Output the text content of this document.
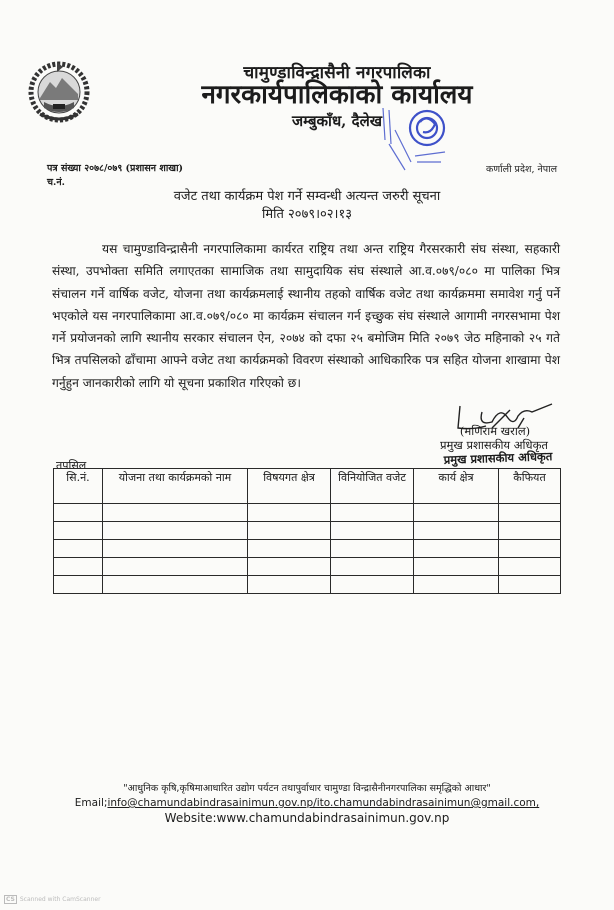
चामुण्डाविन्द्रासैनी नगरपालिका
नगरकार्यपालिकाको कार्यालय
जम्बुकाँध, दैलेख
पत्र संख्या २०७८/०७९ (प्रशासन शाखा)
च.नं.
कर्णाली प्रदेश, नेपाल
वजेट तथा कार्यक्रम पेश गर्ने सम्वन्धी अत्यन्त जरुरी सूचना
मिति २०७९।०२।१३

यस चामुण्डाविन्द्रासैनी नगरपालिकामा कार्यरत राष्ट्रिय तथा अन्त राष्ट्रिय गैरसरकारी संघ संस्था, सहकारी संस्था, उपभोक्ता समिति लगाएतका सामाजिक तथा सामुदायिक संघ संस्थाले आ.व.०७९/०८० मा पालिका भित्र संचालन गर्ने वार्षिक वजेट, योजना तथा कार्यक्रमलाई स्थानीय तहको वार्षिक वजेट तथा कार्यक्रममा समावेश गर्नु पर्ने भएकोले यस नगरपालिकामा आ.व.०७९/०८० मा कार्यक्रम संचालन गर्न इच्छुक संघ संस्थाले आगामी नगरसभामा पेश गर्ने प्रयोजनको लागि स्थानीय सरकार संचालन ऐन, २०७४ को दफा २५ बमोजिम मिति २०७९ जेठ महिनाको २५ गते भित्र तपसिलको ढाँचामा आफ्ने वजेट तथा कार्यक्रमको विवरण संस्थाको आधिकारिक पत्र सहित योजना शाखामा पेश गर्नुहुन जानकारीको लागि यो सूचना प्रकाशित गरिएको छ।

(मणिराम खराल)
प्रमुख प्रशासकीय अधिकृत
प्रमुख प्रशासकीय अधिकृत
तपसिल
सि.नं.	योजना तथा कार्यक्रमको नाम	विषयगत क्षेत्र	विनियोजित वजेट	कार्य क्षेत्र	कैफियत

"आधुनिक कृषि,कृषिमाआधारित उद्योग पर्यटन तथापुर्वाधार चामुण्डा विन्द्रासैनीनगरपालिका समृद्धिको आधार"
Email;info@chamundabindrasainimun.gov.np/ito.chamundabindrasainimun@gmail.com,
Website:www.chamundabindrasainimun.gov.np
CS Scanned with CamScanner
